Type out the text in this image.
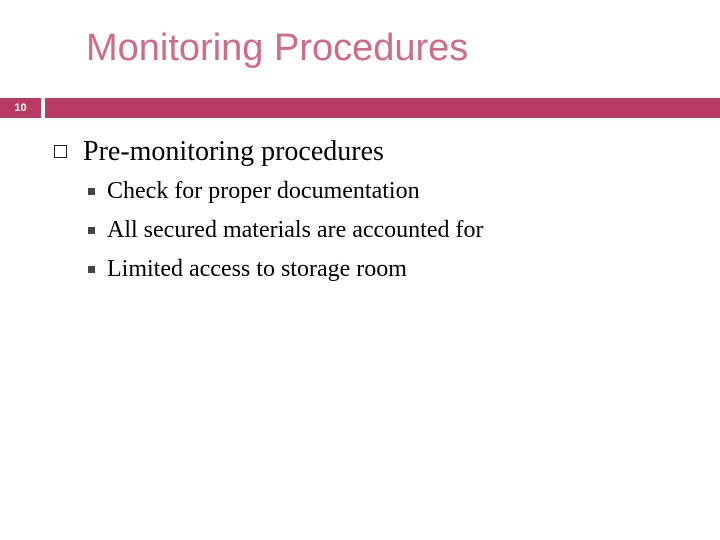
Monitoring Procedures
10
Pre-monitoring procedures
Check for proper documentation
All secured materials are accounted for
Limited access to storage room
